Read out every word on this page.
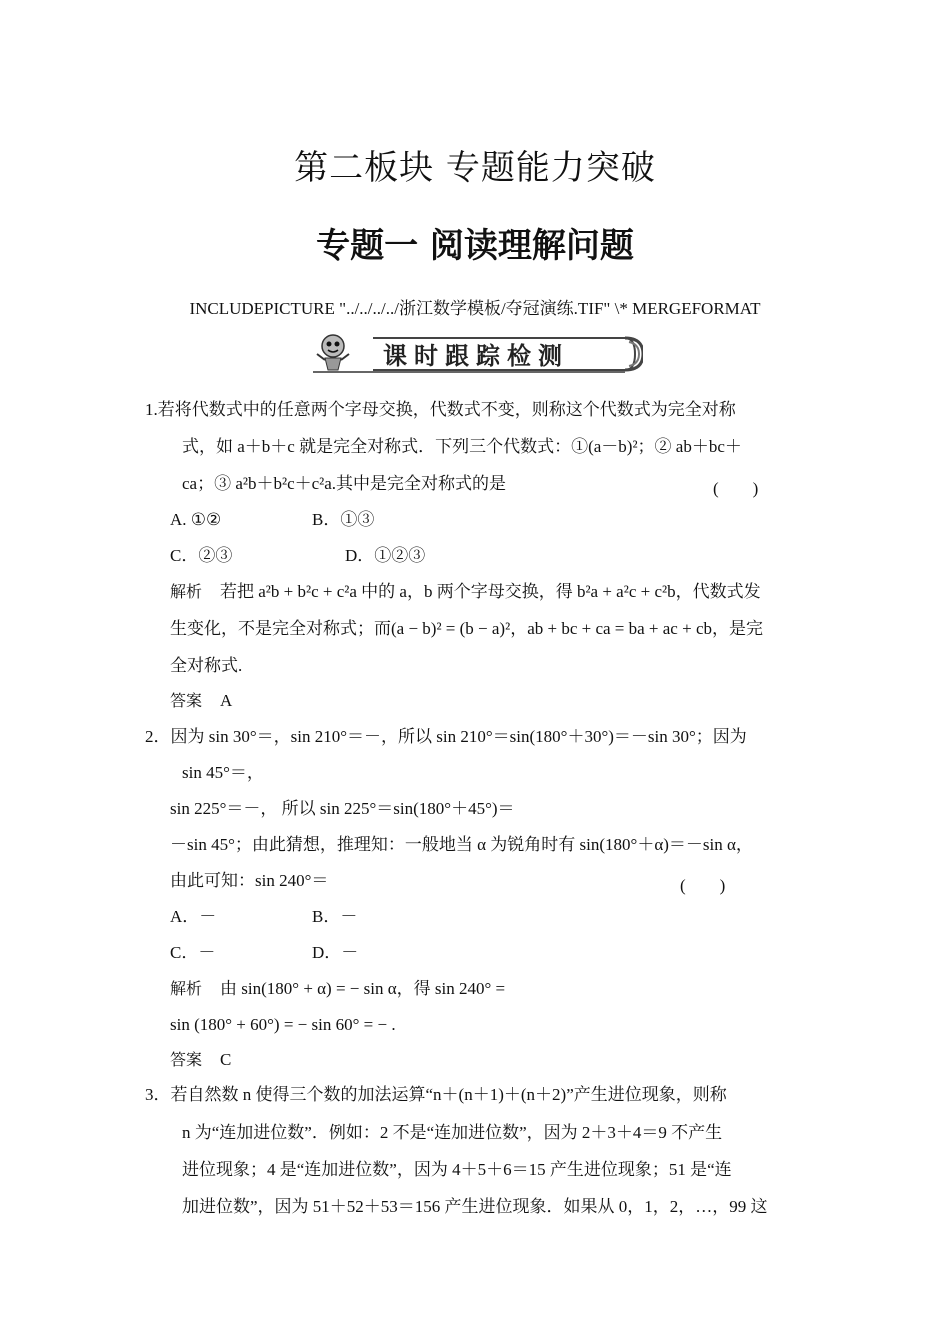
第二板块 专题能力突破
专题一 阅读理解问题
INCLUDEPICTURE "../../../../浙江数学模板/夺冠演练.TIF" \* MERGEFORMAT
课时跟踪检测
1.若将代数式中的任意两个字母交换，代数式不变，则称这个代数式为完全对称
式，如 a＋b＋c 就是完全对称式．下列三个代数式：①(a－b)²；② ab＋bc＋
ca；③ a²b＋b²c＋c²a.其中是完全对称式的是	(　　)
A. ①②	B．①③
C．②③	D．①②③
解析 若把 a²b + b²c + c²a 中的 a，b 两个字母交换，得 b²a + a²c + c²b，代数式发
生变化，不是完全对称式；而(a − b)² = (b − a)²，ab + bc + ca = ba + ac + cb，是完
全对称式.
答案 A
2．因为 sin 30°＝，sin 210°＝－，所以 sin 210°＝sin(180°＋30°)＝－sin 30°；因为
sin 45°＝，
sin 225°＝－， 所以 sin 225°＝sin(180°＋45°)＝
－sin 45°；由此猜想，推理知：一般地当 α 为锐角时有 sin(180°＋α)＝－sin α，
由此可知：sin 240°＝	(　　)
A．－	B．－
C．－	D．－
解析 由 sin(180° + α) = − sin α，得 sin 240° =
sin (180° + 60°) = − sin 60° = − .
答案 C
3．若自然数 n 使得三个数的加法运算“n＋(n＋1)＋(n＋2)”产生进位现象，则称
n 为“连加进位数”．例如：2 不是“连加进位数”，因为 2＋3＋4＝9 不产生
进位现象；4 是“连加进位数”，因为 4＋5＋6＝15 产生进位现象；51 是“连
加进位数”，因为 51＋52＋53＝156 产生进位现象．如果从 0，1，2，…，99 这
